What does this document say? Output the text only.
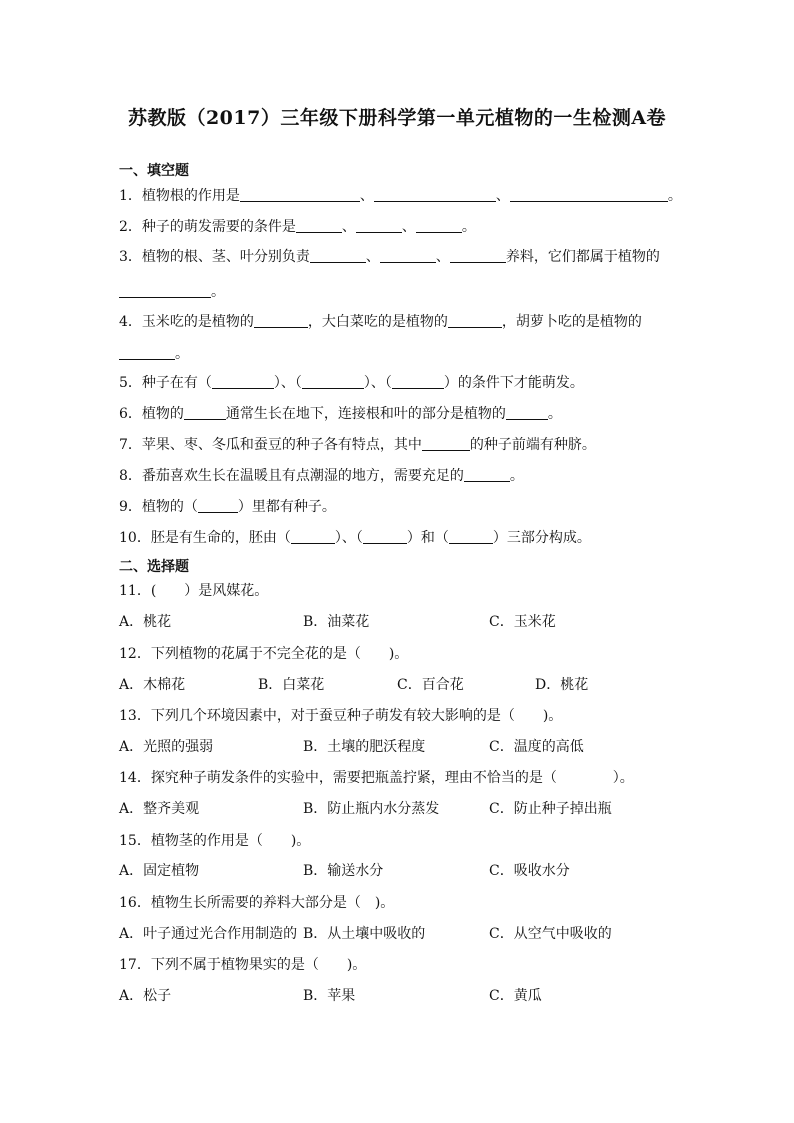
苏教版（2017）三年级下册科学第一单元植物的一生检测A卷
一、填空题
1．植物根的作用是	、	、	。
2．种子的萌发需要的条件是	、	、	。
3．植物的根、茎、叶分别负责	、	、	养料，它们都属于植物的
。
4．玉米吃的是植物的	，大白菜吃的是植物的	，胡萝卜吃的是植物的
。
5．种子在有（	）、（	）、（	）的条件下才能萌发。
6．植物的	通常生长在地下，连接根和叶的部分是植物的	。
7．苹果、枣、冬瓜和蚕豆的种子各有特点，其中	的种子前端有种脐。
8．番茄喜欢生长在温暖且有点潮湿的地方，需要充足的	。
9．植物的（	）里都有种子。
10．胚是有生命的，胚由（	）、（	）和（	）三部分构成。
二、选择题
11．(　　）是风媒花。
A．桃花	B．油菜花	C．玉米花
12．下列植物的花属于不完全花的是（　　)。
A．木棉花	B．白菜花	C．百合花	D．桃花
13．下列几个环境因素中，对于蚕豆种子萌发有较大影响的是（　　)。
A．光照的强弱	B．土壤的肥沃程度	C．温度的高低
14．探究种子萌发条件的实验中，需要把瓶盖拧紧，理由不恰当的是（　　　　）。
A．整齐美观	B．防止瓶内水分蒸发	C．防止种子掉出瓶
15．植物茎的作用是（　　)。
A．固定植物	B．输送水分	C．吸收水分
16．植物生长所需要的养料大部分是（　)。
A．叶子通过光合作用制造的 B．从土壤中吸收的	C．从空气中吸收的
17．下列不属于植物果实的是（　　)。
A．松子	B．苹果	C．黄瓜
